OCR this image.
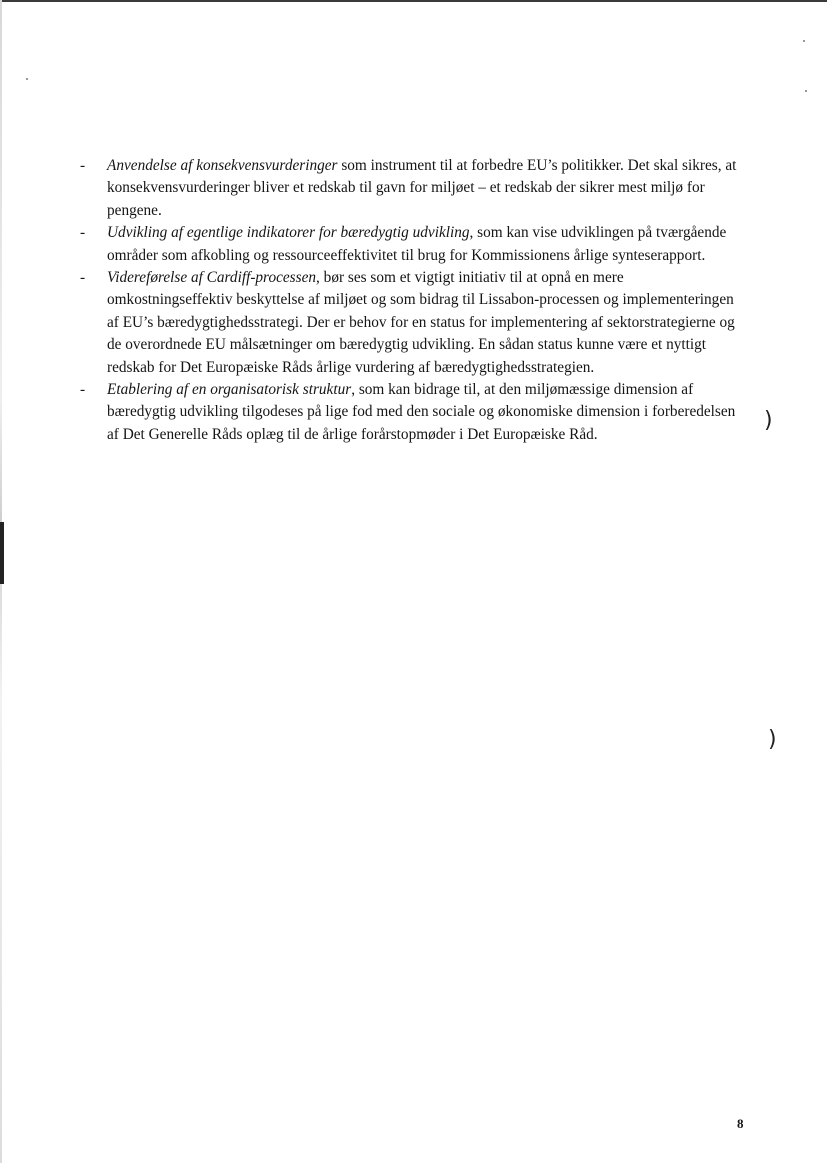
)
)
-	Anvendelse af konsekvensvurderinger som instrument til at forbedre EU’s politikker. Det skal sikres, at konsekvensvurderinger bliver et redskab til gavn for miljøet – et redskab der sikrer mest miljø for pengene.
-	Udvikling af egentlige indikatorer for bæredygtig udvikling, som kan vise udviklingen på tværgående områder som afkobling og ressourceeffektivitet til brug for Kommissionens årlige synteserapport.
-	Videreførelse af Cardiff-processen, bør ses som et vigtigt initiativ til at opnå en mere omkostningseffektiv beskyttelse af miljøet og som bidrag til Lissabon-processen og implementeringen af EU’s bæredygtighedsstrategi. Der er behov for en status for implementering af sektorstrategierne og de overordnede EU målsætninger om bæredygtig udvikling. En sådan status kunne være et nyttigt redskab for Det Europæiske Råds årlige vurdering af bæredygtighedsstrategien.
-	Etablering af en organisatorisk struktur, som kan bidrage til, at den miljømæssige dimension af bæredygtig udvikling tilgodeses på lige fod med den sociale og økonomiske dimension i forberedelsen af Det Generelle Råds oplæg til de årlige forårstopmøder i Det Europæiske Råd.
8
